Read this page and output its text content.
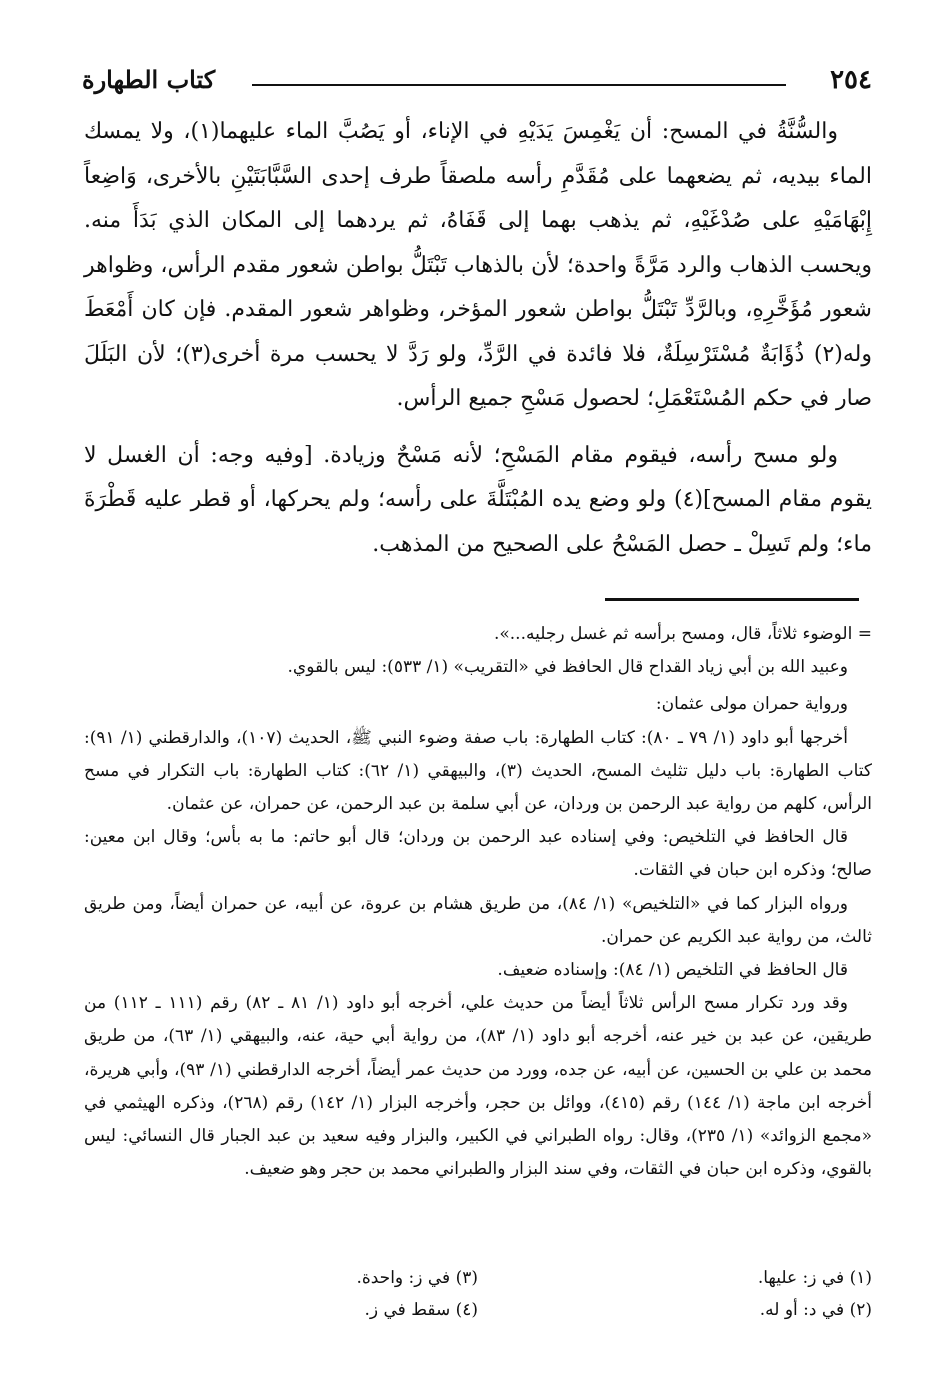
٢٥٤
كتاب الطهارة

والسُّنَّةُ في المسح: أن يَغْمِسَ يَدَيْهِ في الإناء، أو يَصُبَّ الماء عليهما(١)، ولا يمسك الماء بيديه، ثم يضعهما على مُقَدَّمِ رأسه ملصقاً طرف إحدى السَّبَّابَتَيْنِ بالأخرى، وَاضِعاً إِبْهَامَيْهِ على صُدْغَيْهِ، ثم يذهب بهما إلى قَفَاهُ، ثم يردهما إلى المكان الذي بَدَأَ منه. ويحسب الذهاب والرد مَرَّةً واحدة؛ لأن بالذهاب تَبْتَلُّ بواطن شعور مقدم الرأس، وظواهر شعور مُؤَخَّرِهِ، وبالرَّدِّ تَبْتَلُّ بواطن شعور المؤخر، وظواهر شعور المقدم. فإن كان أَمْعَطَ وله(٢) ذُؤَابَةٌ مُسْتَرْسِلَةٌ، فلا فائدة في الرَّدِّ، ولو رَدَّ لا يحسب مرة أخرى(٣)؛ لأن البَلَلَ صار في حكم المُسْتَعْمَلِ؛ لحصول مَسْحِ جميع الرأس.

ولو مسح رأسه، فيقوم مقام المَسْحِ؛ لأنه مَسْحٌ وزيادة. [وفيه وجه: أن الغسل لا يقوم مقام المسح](٤) ولو وضع يده المُبْتَلَّةَ على رأسه؛ ولم يحركها، أو قطر عليه قَطْرَةَ ماء؛ ولم تَسِلْ ـ حصل المَسْحُ على الصحيح من المذهب.

= الوضوء ثلاثاً، قال، ومسح برأسه ثم غسل رجليه...».

وعبيد الله بن أبي زياد القداح قال الحافظ في «التقريب» (١/ ٥٣٣): ليس بالقوي.

ورواية حمران مولى عثمان:

أخرجها أبو داود (١/ ٧٩ ـ ٨٠): كتاب الطهارة: باب صفة وضوء النبي ﷺ، الحديث (١٠٧)، والدارقطني (١/ ٩١): كتاب الطهارة: باب دليل تثليث المسح، الحديث (٣)، والبيهقي (١/ ٦٢): كتاب الطهارة: باب التكرار في مسح الرأس، كلهم من رواية عبد الرحمن بن وردان، عن أبي سلمة بن عبد الرحمن، عن حمران، عن عثمان.

قال الحافظ في التلخيص: وفي إسناده عبد الرحمن بن وردان؛ قال أبو حاتم: ما به بأس؛ وقال ابن معين: صالح؛ وذكره ابن حبان في الثقات.

ورواه البزار كما في «التلخيص» (١/ ٨٤)، من طريق هشام بن عروة، عن أبيه، عن حمران أيضاً، ومن طريق ثالث، من رواية عبد الكريم عن حمران.

قال الحافظ في التلخيص (١/ ٨٤): وإسناده ضعيف.

وقد ورد تكرار مسح الرأس ثلاثاً أيضاً من حديث علي، أخرجه أبو داود (١/ ٨١ ـ ٨٢) رقم (١١١ ـ ١١٢) من طريقين، عن عبد بن خير عنه، أخرجه أبو داود (١/ ٨٣)، من رواية أبي حية، عنه، والبيهقي (١/ ٦٣)، من طريق محمد بن علي بن الحسين، عن أبيه، عن جده، وورد من حديث عمر أيضاً، أخرجه الدارقطني (١/ ٩٣)، وأبي هريرة، أخرجه ابن ماجة (١/ ١٤٤) رقم (٤١٥)، ووائل بن حجر، وأخرجه البزار (١/ ١٤٢) رقم (٢٦٨)، وذكره الهيثمي في «مجمع الزوائد» (١/ ٢٣٥)، وقال: رواه الطبراني في الكبير، والبزار وفيه سعيد بن عبد الجبار قال النسائي: ليس بالقوي، وذكره ابن حبان في الثقات، وفي سند البزار والطبراني محمد بن حجر وهو ضعيف.

(١) في ز: عليها.
(٣) في ز: واحدة.
(٢) في د: أو له.
(٤) سقط في ز.
